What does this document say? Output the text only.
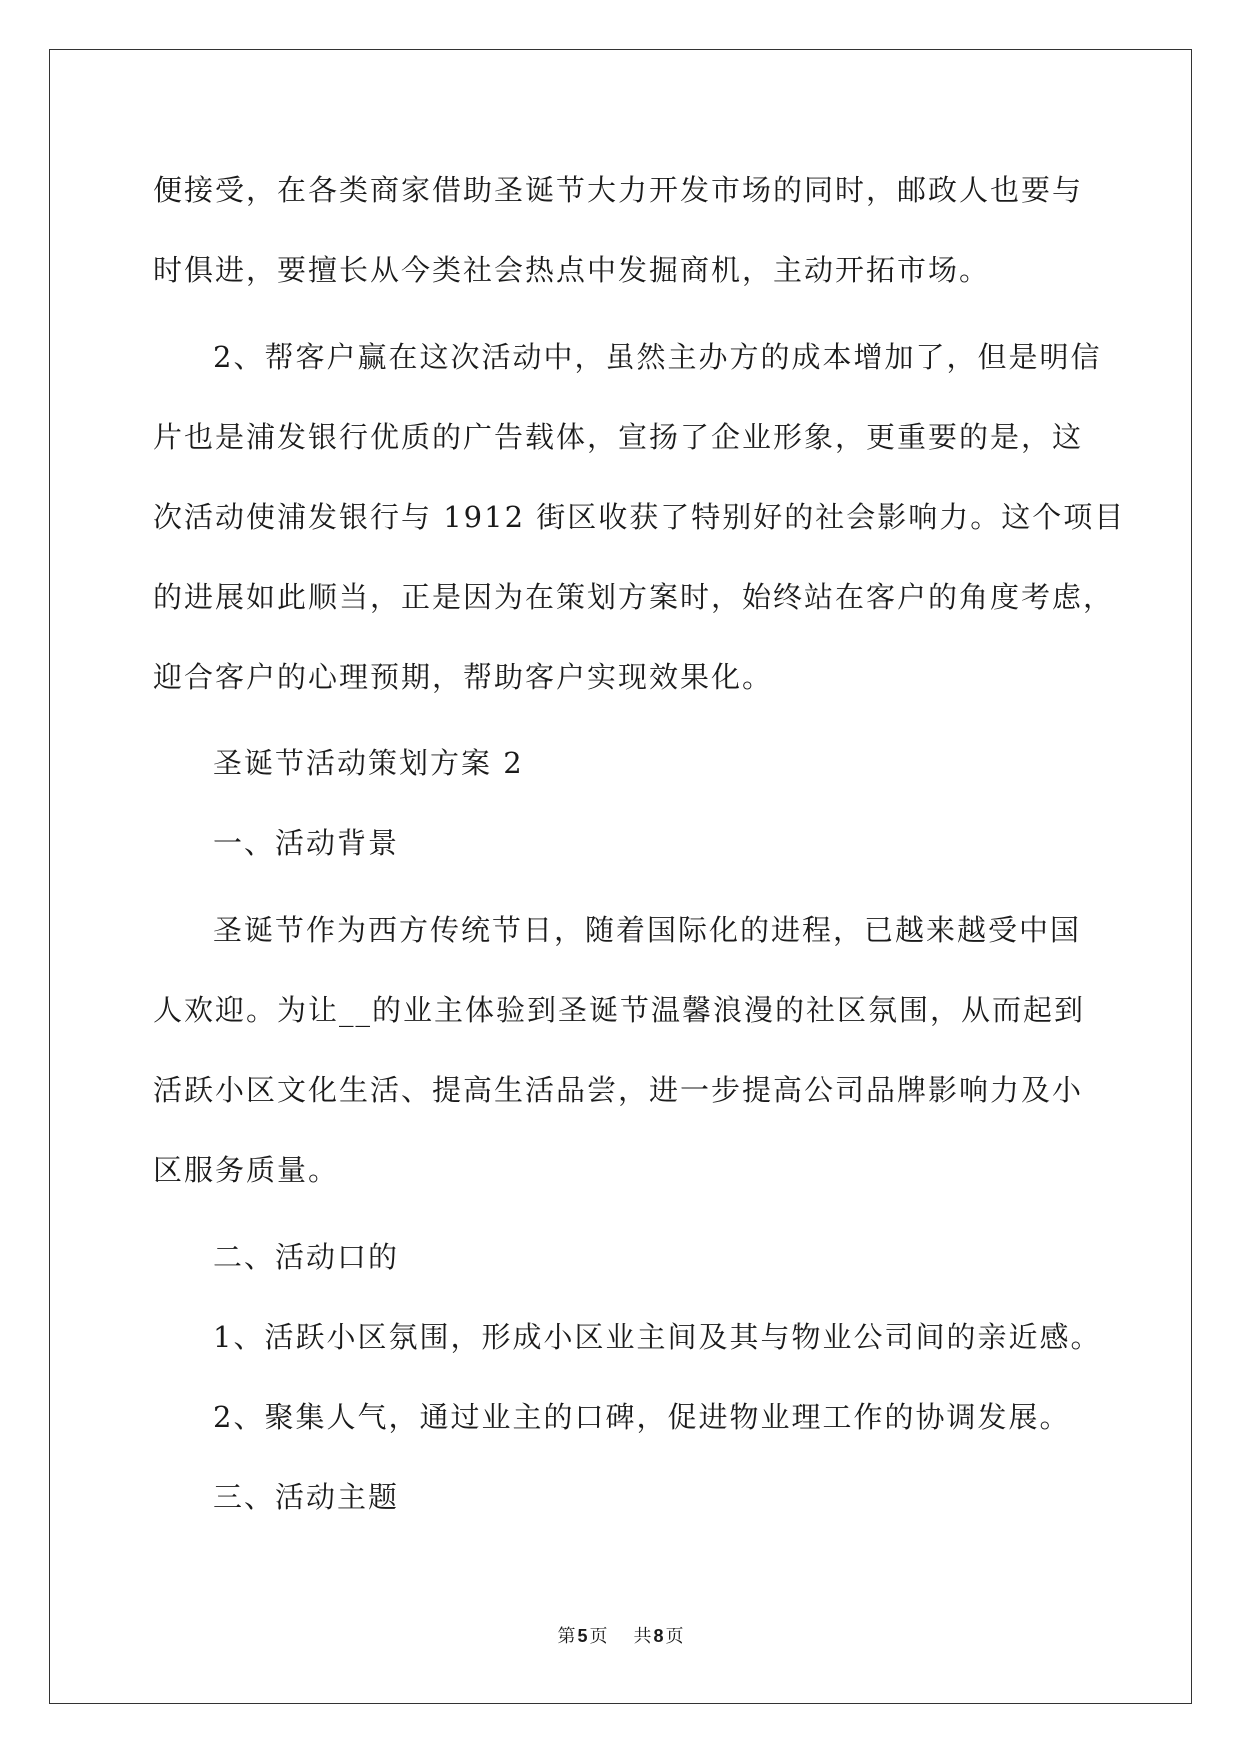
便接受，在各类商家借助圣诞节大力开发市场的同时，邮政人也要与
时俱进，要擅长从今类社会热点中发掘商机，主动开拓市场。
2、帮客户赢在这次活动中，虽然主办方的成本增加了，但是明信
片也是浦发银行优质的广告载体，宣扬了企业形象，更重要的是，这
次活动使浦发银行与 1912 街区收获了特别好的社会影响力。这个项目
的进展如此顺当，正是因为在策划方案时，始终站在客户的角度考虑，
迎合客户的心理预期，帮助客户实现效果化。
圣诞节活动策划方案 2
一、活动背景
圣诞节作为西方传统节日，随着国际化的进程，已越来越受中国
人欢迎。为让__的业主体验到圣诞节温馨浪漫的社区氛围，从而起到
活跃小区文化生活、提高生活品尝，进一步提高公司品牌影响力及小
区服务质量。
二、活动口的
1、活跃小区氛围，形成小区业主间及其与物业公司间的亲近感。
2、聚集人气，通过业主的口碑，促进物业理工作的协调发展。
三、活动主题
第 5 页 共 8 页
